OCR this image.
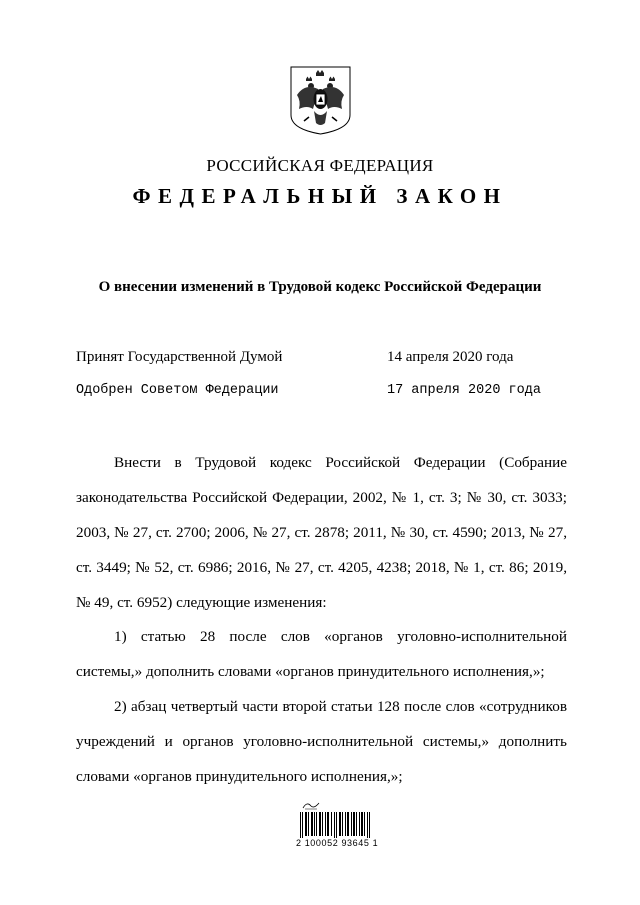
РОССИЙСКАЯ ФЕДЕРАЦИЯ
ФЕДЕРАЛЬНЫЙ ЗАКОН
О внесении изменений в Трудовой кодекс Российской Федерации
Принят Государственной Думой	14 апреля 2020 года
Одобрен Советом Федерации	17 апреля 2020 года

Внести в Трудовой кодекс Российской Федерации (Собрание законодательства Российской Федерации, 2002, № 1, ст. 3; № 30, ст. 3033; 2003, № 27, ст. 2700; 2006, № 27, ст. 2878; 2011, № 30, ст. 4590; 2013, № 27, ст. 3449; № 52, ст. 6986; 2016, № 27, ст. 4205, 4238; 2018, № 1, ст. 86; 2019, № 49, ст. 6952) следующие изменения:

1) статью 28 после слов «органов уголовно-исполнительной системы,» дополнить словами «органов принудительного исполнения,»;

2) абзац четвертый части второй статьи 128 после слов «сотрудников учреждений и органов уголовно-исполнительной системы,» дополнить словами «органов принудительного исполнения,»;

2 100052 93645 1
